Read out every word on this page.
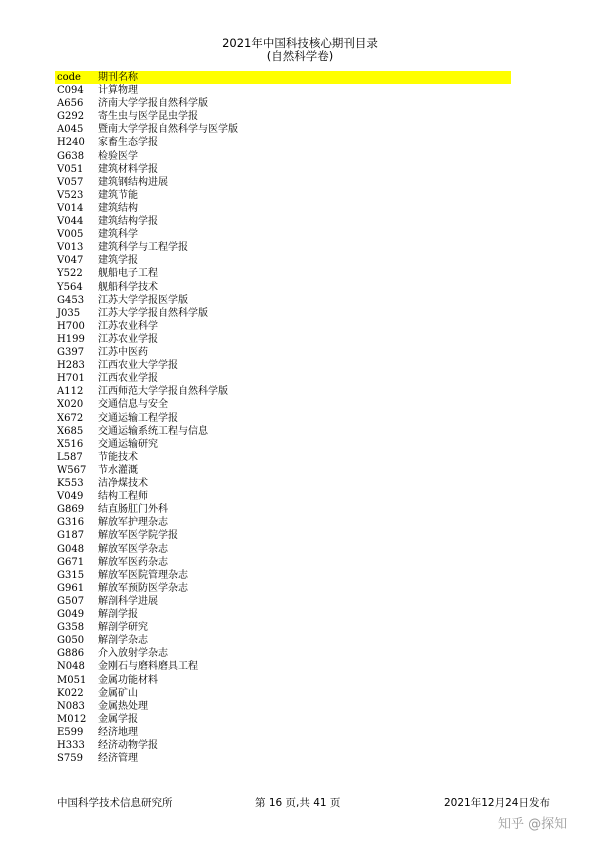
2021年中国科技核心期刊目录
(自然科学卷)
code	期刊名称
C094	计算物理
A656	济南大学学报自然科学版
G292	寄生虫与医学昆虫学报
A045	暨南大学学报自然科学与医学版
H240	家畜生态学报
G638	检验医学
V051	建筑材料学报
V057	建筑钢结构进展
V523	建筑节能
V014	建筑结构
V044	建筑结构学报
V005	建筑科学
V013	建筑科学与工程学报
V047	建筑学报
Y522	舰船电子工程
Y564	舰船科学技术
G453	江苏大学学报医学版
J035	江苏大学学报自然科学版
H700	江苏农业科学
H199	江苏农业学报
G397	江苏中医药
H283	江西农业大学学报
H701	江西农业学报
A112	江西师范大学学报自然科学版
X020	交通信息与安全
X672	交通运输工程学报
X685	交通运输系统工程与信息
X516	交通运输研究
L587	节能技术
W567	节水灌溉
K553	洁净煤技术
V049	结构工程师
G869	结直肠肛门外科
G316	解放军护理杂志
G187	解放军医学院学报
G048	解放军医学杂志
G671	解放军医药杂志
G315	解放军医院管理杂志
G961	解放军预防医学杂志
G507	解剖科学进展
G049	解剖学报
G358	解剖学研究
G050	解剖学杂志
G886	介入放射学杂志
N048	金刚石与磨料磨具工程
M051	金属功能材料
K022	金属矿山
N083	金属热处理
M012	金属学报
E599	经济地理
H333	经济动物学报
S759	经济管理
中国科学技术信息研究所	第 16 页,共 41 页	2021年12月24日发布
知乎 @探知
